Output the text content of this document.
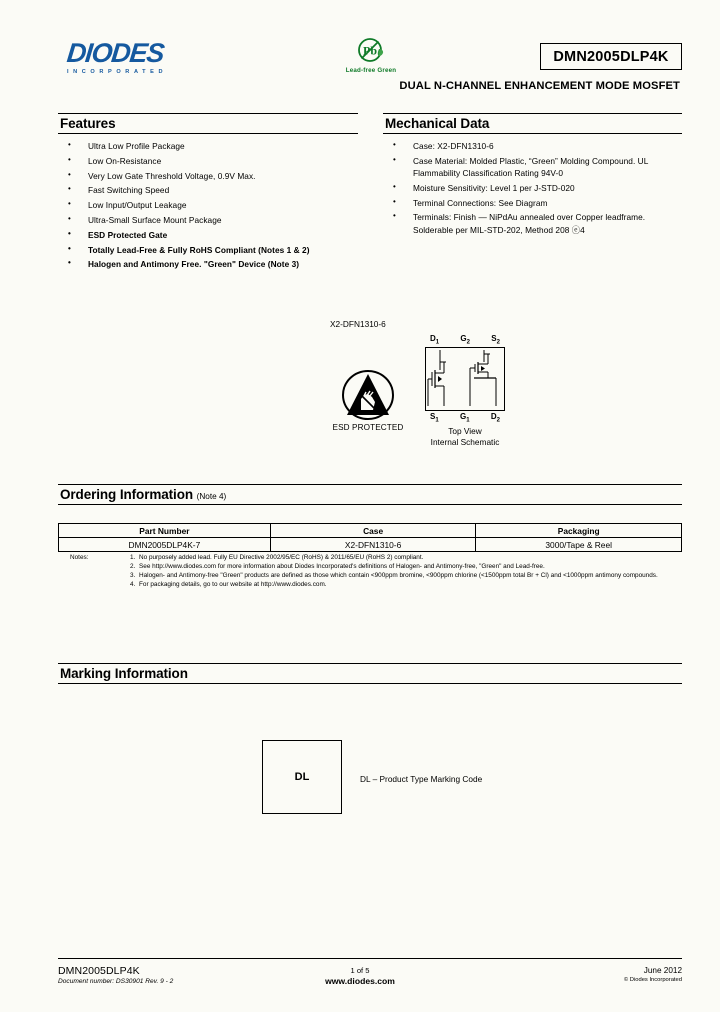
DIODES
INCORPORATED
Pb
Lead-free Green
DMN2005DLP4K
DUAL N-CHANNEL ENHANCEMENT MODE MOSFET
Features
• Ultra Low Profile Package
• Low On-Resistance
• Very Low Gate Threshold Voltage, 0.9V Max.
• Fast Switching Speed
• Low Input/Output Leakage
• Ultra-Small Surface Mount Package
• ESD Protected Gate
• Totally Lead-Free & Fully RoHS Compliant (Notes 1 & 2)
• Halogen and Antimony Free. "Green" Device (Note 3)
Mechanical Data
• Case: X2-DFN1310-6
• Case Material: Molded Plastic, “Green” Molding Compound. UL Flammability Classification Rating 94V-0
• Moisture Sensitivity: Level 1 per J-STD-020
• Terminal Connections: See Diagram
• Terminals: Finish — NiPdAu annealed over Copper leadframe. Solderable per MIL-STD-202, Method 208 ⓔ4
X2-DFN1310-6
ESD PROTECTED
$D_1$	$G_2$	$S_2$
$S_1$	$G_1$	$D_2$
Top View
Internal Schematic
Ordering Information (Note 4)
Part Number	Case	Packaging
DMN2005DLP4K-7	X2-DFN1310-6	3000/Tape & Reel
Notes:	1. No purposely added lead. Fully EU Directive 2002/95/EC (RoHS) & 2011/65/EU (RoHS 2) compliant.
2. See http://www.diodes.com for more information about Diodes Incorporated's definitions of Halogen- and Antimony-free, "Green" and Lead-free.
3. Halogen- and Antimony-free "Green" products are defined as those which contain <900ppm bromine, <900ppm chlorine (<1500ppm total Br + Cl) and <1000ppm antimony compounds.
4. For packaging details, go to our website at http://www.diodes.com.
Marking Information
DL	DL – Product Type Marking Code
DMN2005DLP4K
Document number: DS30901 Rev. 9 - 2
1 of 5
www.diodes.com
June 2012
© Diodes Incorporated
